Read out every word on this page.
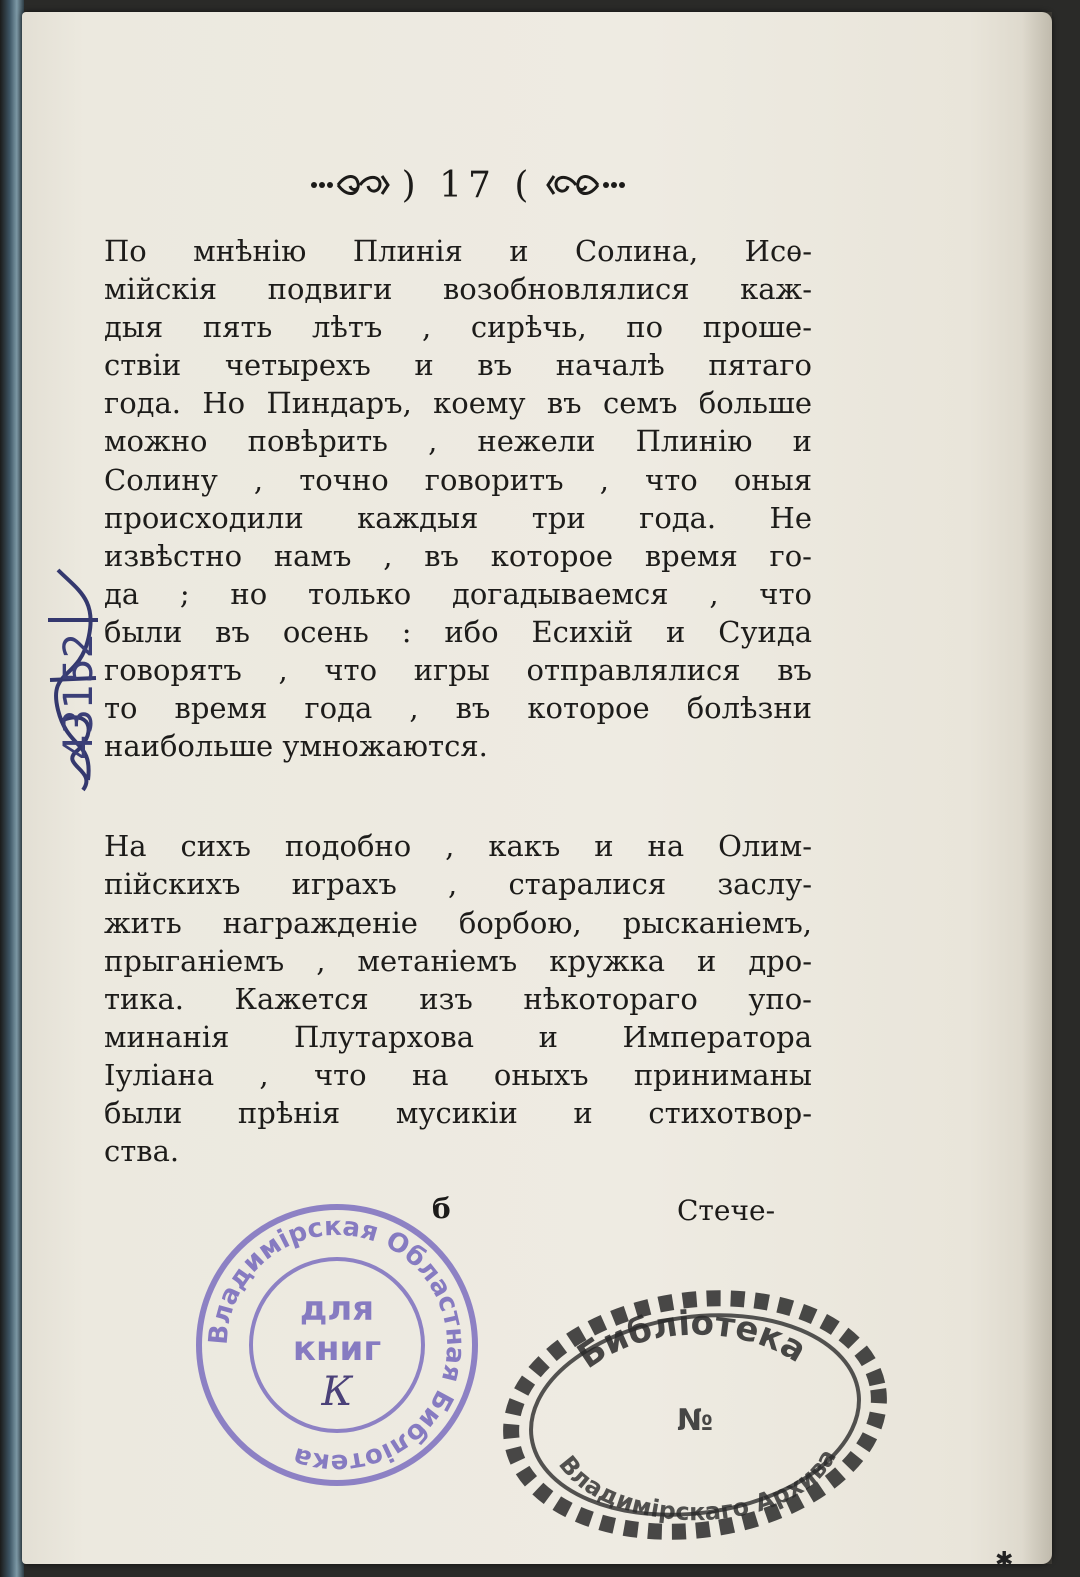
) 17 (
По мнѣнію Плинія и Солина, Исѳ-
мійскія подвиги возобновлялися каж-
дыя пять лѣтъ , сирѣчь, по проше-
ствіи четырехъ и въ началѣ пятаго
года. Но Пиндаръ, коему въ семъ больше
можно повѣрить , нежели Плинію и
Солину , точно говоритъ , что оныя
происходили каждыя три года. Не
извѣстно намъ , въ которое время го-
да ; но только догадываемся , что
были въ осень : ибо Есихій и Суида
говорятъ , что игры отправлялися въ
то время года , въ которое болѣзни
наибольше умножаются.
На сихъ подобно , какъ и на Олим-
пійскихъ играхъ , старалися заслу-
жить награжденіе борбою, рысканіемъ,
прыганіемъ , метаніемъ кружка и дро-
тика. Кажется изъ нѣкотораго упо-
минанія Плутархова и Императора
Іуліана , что на оныхъ приниманы
были прѣнія мусикіи и стихотвор-
ства.
б	Стече-
43152
Владимірская Областная Библіотека
для
книг
К
Библіотека
№
Владимірскаго Архива
✱
